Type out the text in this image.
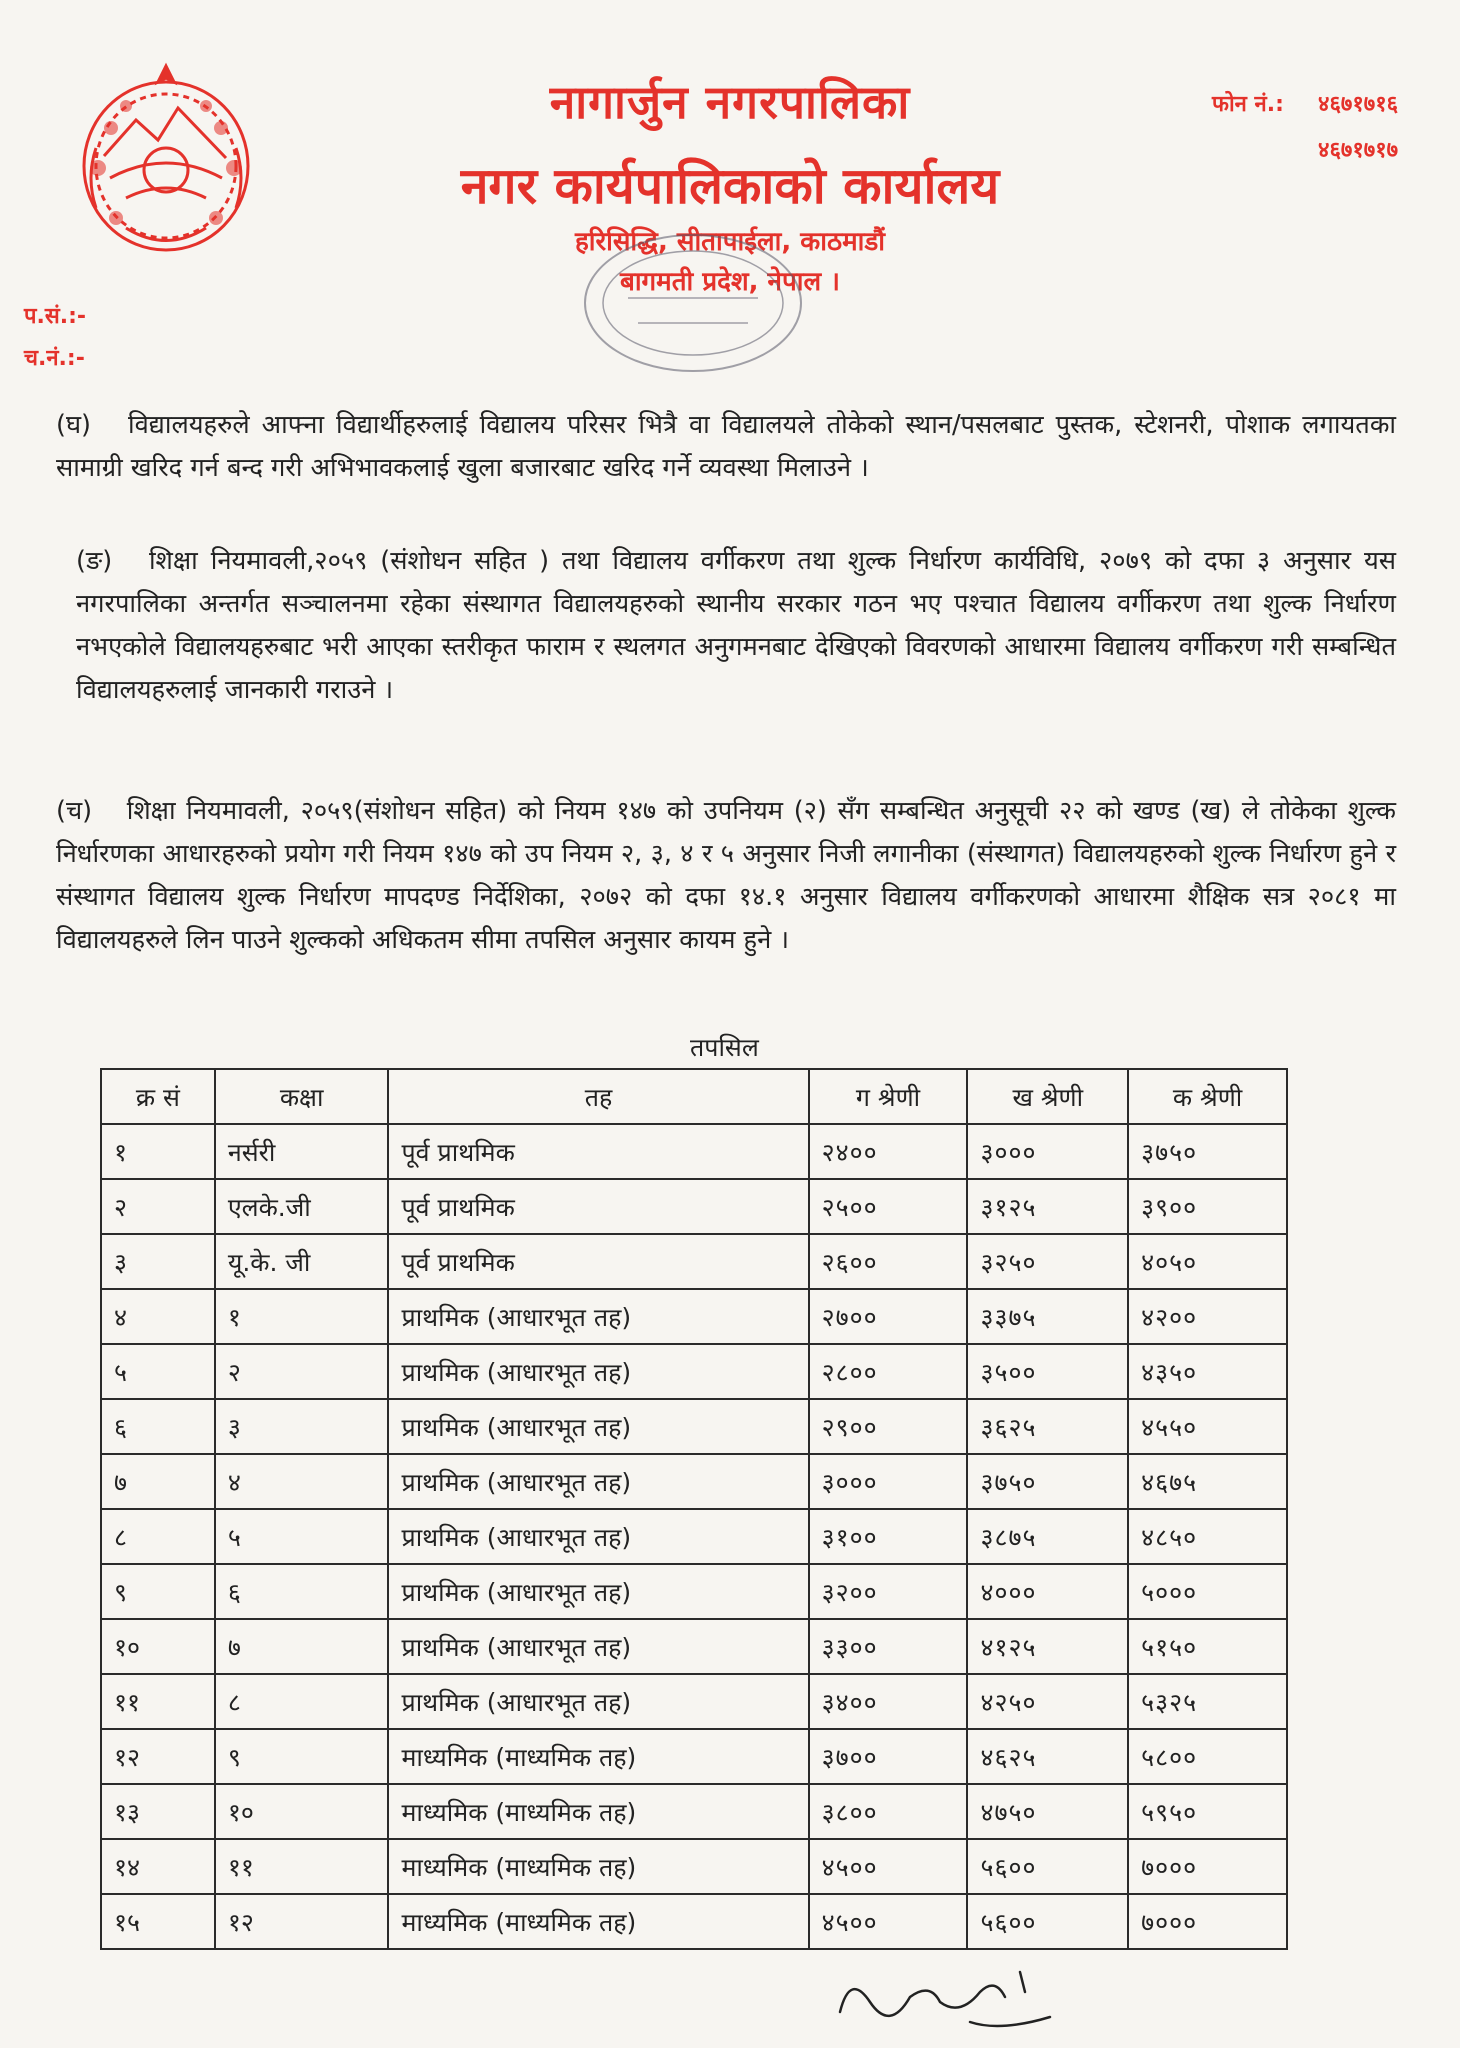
नागार्जुन नगरपालिका
नगर कार्यपालिकाको कार्यालय
हरिसिद्धि, सीतापाईला, काठमाडौं
बागमती प्रदेश, नेपाल ।
फोन नं.: ४६७१७१६
४६७१७१७
प.सं.:-
च.नं.:-
(घ) विद्यालयहरुले आफ्ना विद्यार्थीहरुलाई विद्यालय परिसर भित्रै वा विद्यालयले तोकेको स्थान/पसलबाट पुस्तक, स्टेशनरी, पोशाक लगायतका सामाग्री खरिद गर्न बन्द गरी अभिभावकलाई खुला बजारबाट खरिद गर्ने व्यवस्था मिलाउने ।
(ङ) शिक्षा नियमावली,२०५९ (संशोधन सहित ) तथा विद्यालय वर्गीकरण तथा शुल्क निर्धारण कार्यविधि, २०७९ को दफा ३ अनुसार यस नगरपालिका अन्तर्गत सञ्चालनमा रहेका संस्थागत विद्यालयहरुको स्थानीय सरकार गठन भए पश्चात विद्यालय वर्गीकरण तथा शुल्क निर्धारण नभएकोले विद्यालयहरुबाट भरी आएका स्तरीकृत फाराम र स्थलगत अनुगमनबाट देखिएको विवरणको आधारमा विद्यालय वर्गीकरण गरी सम्बन्धित विद्यालयहरुलाई जानकारी गराउने ।
(च) शिक्षा नियमावली, २०५९(संशोधन सहित) को नियम १४७ को उपनियम (२) सँग सम्बन्धित अनुसूची २२ को खण्ड (ख) ले तोकेका शुल्क निर्धारणका आधारहरुको प्रयोग गरी नियम १४७ को उप नियम २, ३, ४ र ५ अनुसार निजी लगानीका (संस्थागत) विद्यालयहरुको शुल्क निर्धारण हुने र संस्थागत विद्यालय शुल्क निर्धारण मापदण्ड निर्देशिका, २०७२ को दफा १४.१ अनुसार विद्यालय वर्गीकरणको आधारमा शैक्षिक सत्र २०८१ मा विद्यालयहरुले लिन पाउने शुल्कको अधिकतम सीमा तपसिल अनुसार कायम हुने ।
तपसिल
क्र सं	कक्षा	तह	ग श्रेणी	ख श्रेणी	क श्रेणी
१	नर्सरी	पूर्व प्राथमिक	२४००	३०००	३७५०
२	एलके.जी	पूर्व प्राथमिक	२५००	३१२५	३९००
३	यू.के. जी	पूर्व प्राथमिक	२६००	३२५०	४०५०
४	१	प्राथमिक (आधारभूत तह)	२७००	३३७५	४२००
५	२	प्राथमिक (आधारभूत तह)	२८००	३५००	४३५०
६	३	प्राथमिक (आधारभूत तह)	२९००	३६२५	४५५०
७	४	प्राथमिक (आधारभूत तह)	३०००	३७५०	४६७५
८	५	प्राथमिक (आधारभूत तह)	३१००	३८७५	४८५०
९	६	प्राथमिक (आधारभूत तह)	३२००	४०००	५०००
१०	७	प्राथमिक (आधारभूत तह)	३३००	४१२५	५१५०
११	८	प्राथमिक (आधारभूत तह)	३४००	४२५०	५३२५
१२	९	माध्यमिक (माध्यमिक तह)	३७००	४६२५	५८००
१३	१०	माध्यमिक (माध्यमिक तह)	३८००	४७५०	५९५०
१४	११	माध्यमिक (माध्यमिक तह)	४५००	५६००	७०००
१५	१२	माध्यमिक (माध्यमिक तह)	४५००	५६००	७०००
